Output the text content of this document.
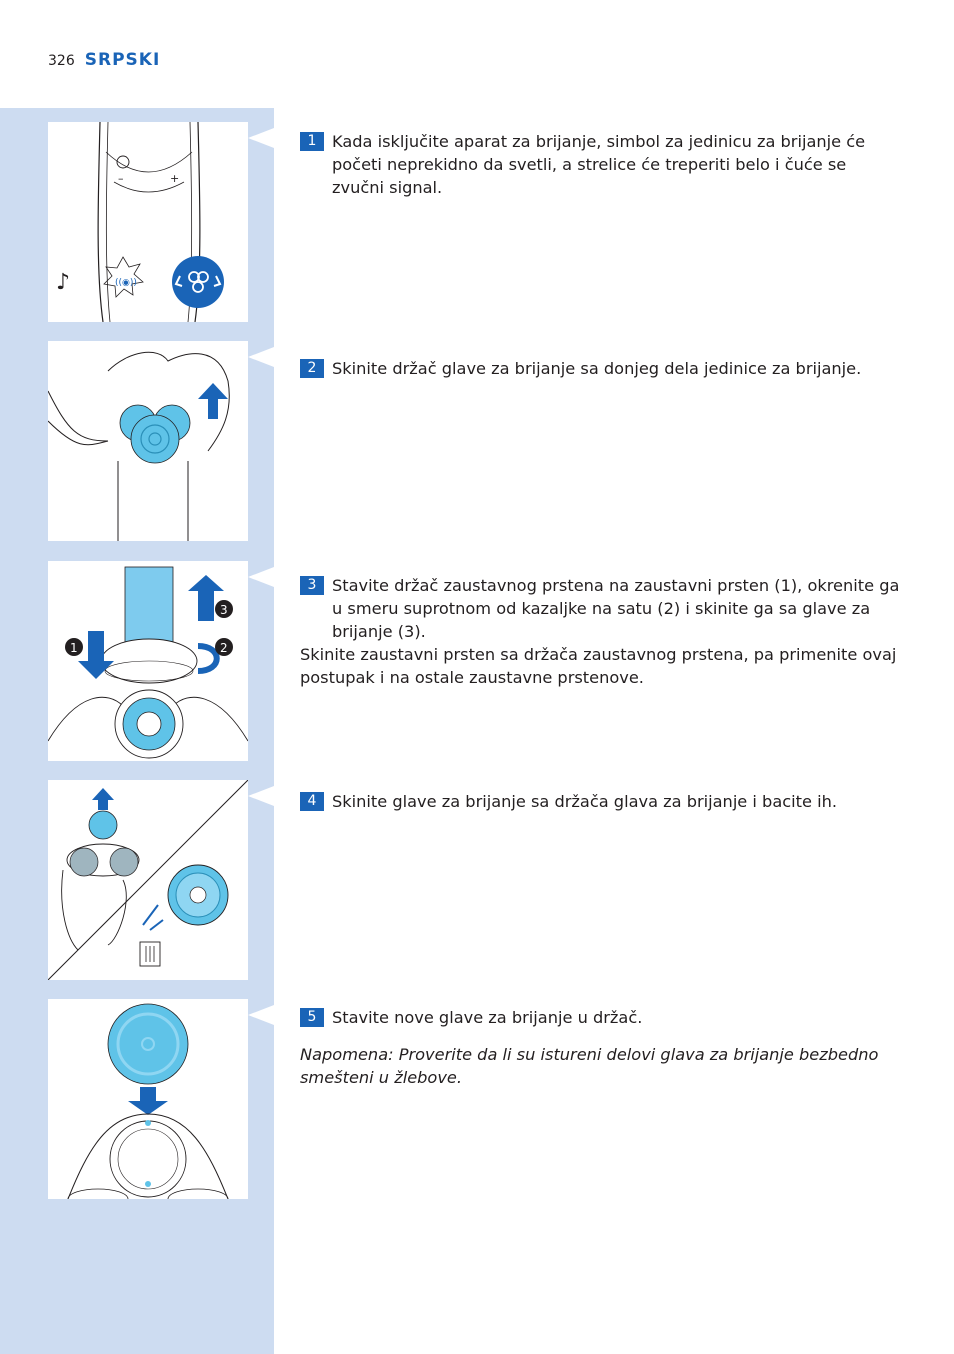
326 SRPSKI
–	+
((◉))
♪
1	2
3
1 Kada isključite aparat za brijanje, simbol za jedinicu za brijanje će početi neprekidno da svetli, a strelice će treperiti belo i čuće se zvučni signal.
2 Skinite držač glave za brijanje sa donjeg dela jedinice za brijanje.
3 Stavite držač zaustavnog prstena na zaustavni prsten (1), okrenite ga u smeru suprotnom od kazaljke na satu (2) i skinite ga sa glave za brijanje (3).

Skinite zaustavni prsten sa držača zaustavnog prstena, pa primenite ovaj postupak i na ostale zaustavne prstenove.

4 Skinite glave za brijanje sa držača glava za brijanje i bacite ih.
5 Stavite nove glave za brijanje u držač.

Napomena: Proverite da li su istureni delovi glava za brijanje bezbedno smešteni u žlebove.
